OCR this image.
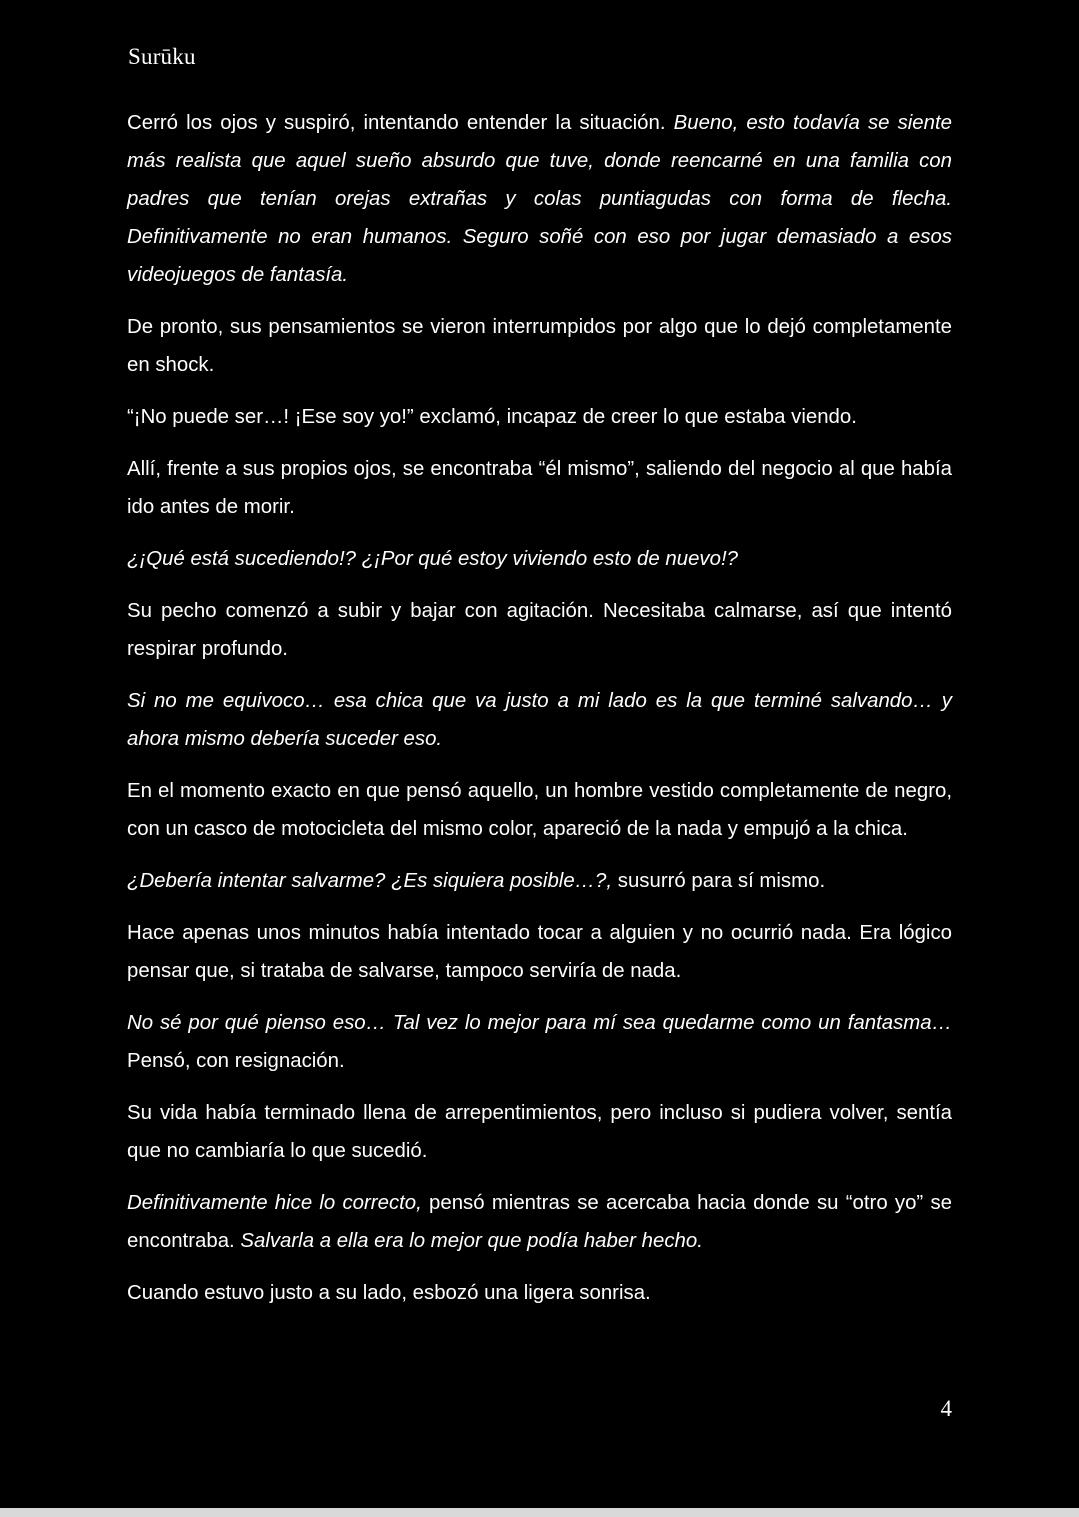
Surūku

Cerró los ojos y suspiró, intentando entender la situación. Bueno, esto todavía se siente más realista que aquel sueño absurdo que tuve, donde reencarné en una familia con padres que tenían orejas extrañas y colas puntiagudas con forma de flecha. Definitivamente no eran humanos. Seguro soñé con eso por jugar demasiado a esos videojuegos de fantasía.

De pronto, sus pensamientos se vieron interrumpidos por algo que lo dejó completamente en shock.

“¡No puede ser…! ¡Ese soy yo!” exclamó, incapaz de creer lo que estaba viendo.

Allí, frente a sus propios ojos, se encontraba “él mismo”, saliendo del negocio al que había ido antes de morir.

¿¡Qué está sucediendo!? ¿¡Por qué estoy viviendo esto de nuevo!?

Su pecho comenzó a subir y bajar con agitación. Necesitaba calmarse, así que intentó respirar profundo.

Si no me equivoco… esa chica que va justo a mi lado es la que terminé salvando… y ahora mismo debería suceder eso.

En el momento exacto en que pensó aquello, un hombre vestido completamente de negro, con un casco de motocicleta del mismo color, apareció de la nada y empujó a la chica.

¿Debería intentar salvarme? ¿Es siquiera posible…?, susurró para sí mismo.

Hace apenas unos minutos había intentado tocar a alguien y no ocurrió nada. Era lógico pensar que, si trataba de salvarse, tampoco serviría de nada.

No sé por qué pienso eso… Tal vez lo mejor para mí sea quedarme como un fantasma… Pensó, con resignación.

Su vida había terminado llena de arrepentimientos, pero incluso si pudiera volver, sentía que no cambiaría lo que sucedió.

Definitivamente hice lo correcto, pensó mientras se acercaba hacia donde su “otro yo” se encontraba. Salvarla a ella era lo mejor que podía haber hecho.

Cuando estuvo justo a su lado, esbozó una ligera sonrisa.

4
